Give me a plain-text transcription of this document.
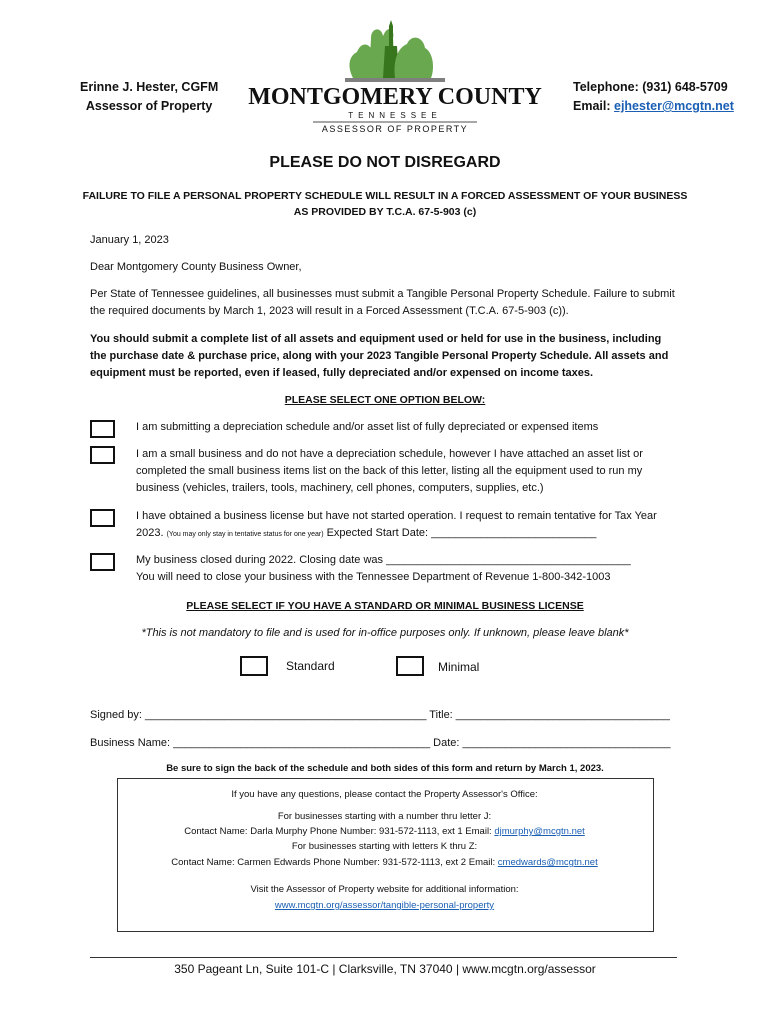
Erinne J. Hester, CGFM
Assessor of Property MONTGOMERY COUNTY
TENNESSEE
ASSESSOR OF PROPERTY
Telephone: (931) 648-5709
Email: ejhester@mcgtn.net
PLEASE DO NOT DISREGARD
FAILURE TO FILE A PERSONAL PROPERTY SCHEDULE WILL RESULT IN A FORCED ASSESSMENT OF YOUR BUSINESS
AS PROVIDED BY T.C.A. 67-5-903 (c)
January 1, 2023
Dear Montgomery County Business Owner,
Per State of Tennessee guidelines, all businesses must submit a Tangible Personal Property Schedule. Failure to submit the required documents by March 1, 2023 will result in a Forced Assessment (T.C.A. 67-5-903 (c)).
You should submit a complete list of all assets and equipment used or held for use in the business, including the purchase date & purchase price, along with your 2023 Tangible Personal Property Schedule. All assets and equipment must be reported, even if leased, fully depreciated and/or expensed on income taxes.
PLEASE SELECT ONE OPTION BELOW:
I am submitting a depreciation schedule and/or asset list of fully depreciated or expensed items
I am a small business and do not have a depreciation schedule, however I have attached an asset list or completed the small business items list on the back of this letter, listing all the equipment used to run my business (vehicles, trailers, tools, machinery, cell phones, computers, supplies, etc.)
I have obtained a business license but have not started operation. I request to remain tentative for Tax Year 2023. (You may only stay in tentative status for one year) Expected Start Date: ___________________________
My business closed during 2022. Closing date was ________________________________________
You will need to close your business with the Tennessee Department of Revenue 1-800-342-1003
PLEASE SELECT IF YOU HAVE A STANDARD OR MINIMAL BUSINESS LICENSE
*This is not mandatory to file and is used for in-office purposes only. If unknown, please leave blank*
Standard	Minimal
Signed by: ______________________________________________ Title: ___________________________________
Business Name: __________________________________________ Date: __________________________________
Be sure to sign the back of the schedule and both sides of this form and return by March 1, 2023.
If you have any questions, please contact the Property Assessor's Office:
For businesses starting with a number thru letter J:
Contact Name: Darla Murphy Phone Number: 931-572-1113, ext 1 Email: djmurphy@mcgtn.net
For businesses starting with letters K thru Z:
Contact Name: Carmen Edwards Phone Number: 931-572-1113, ext 2 Email: cmedwards@mcgtn.net
Visit the Assessor of Property website for additional information:
www.mcgtn.org/assessor/tangible-personal-property
350 Pageant Ln, Suite 101-C | Clarksville, TN 37040 | www.mcgtn.org/assessor
